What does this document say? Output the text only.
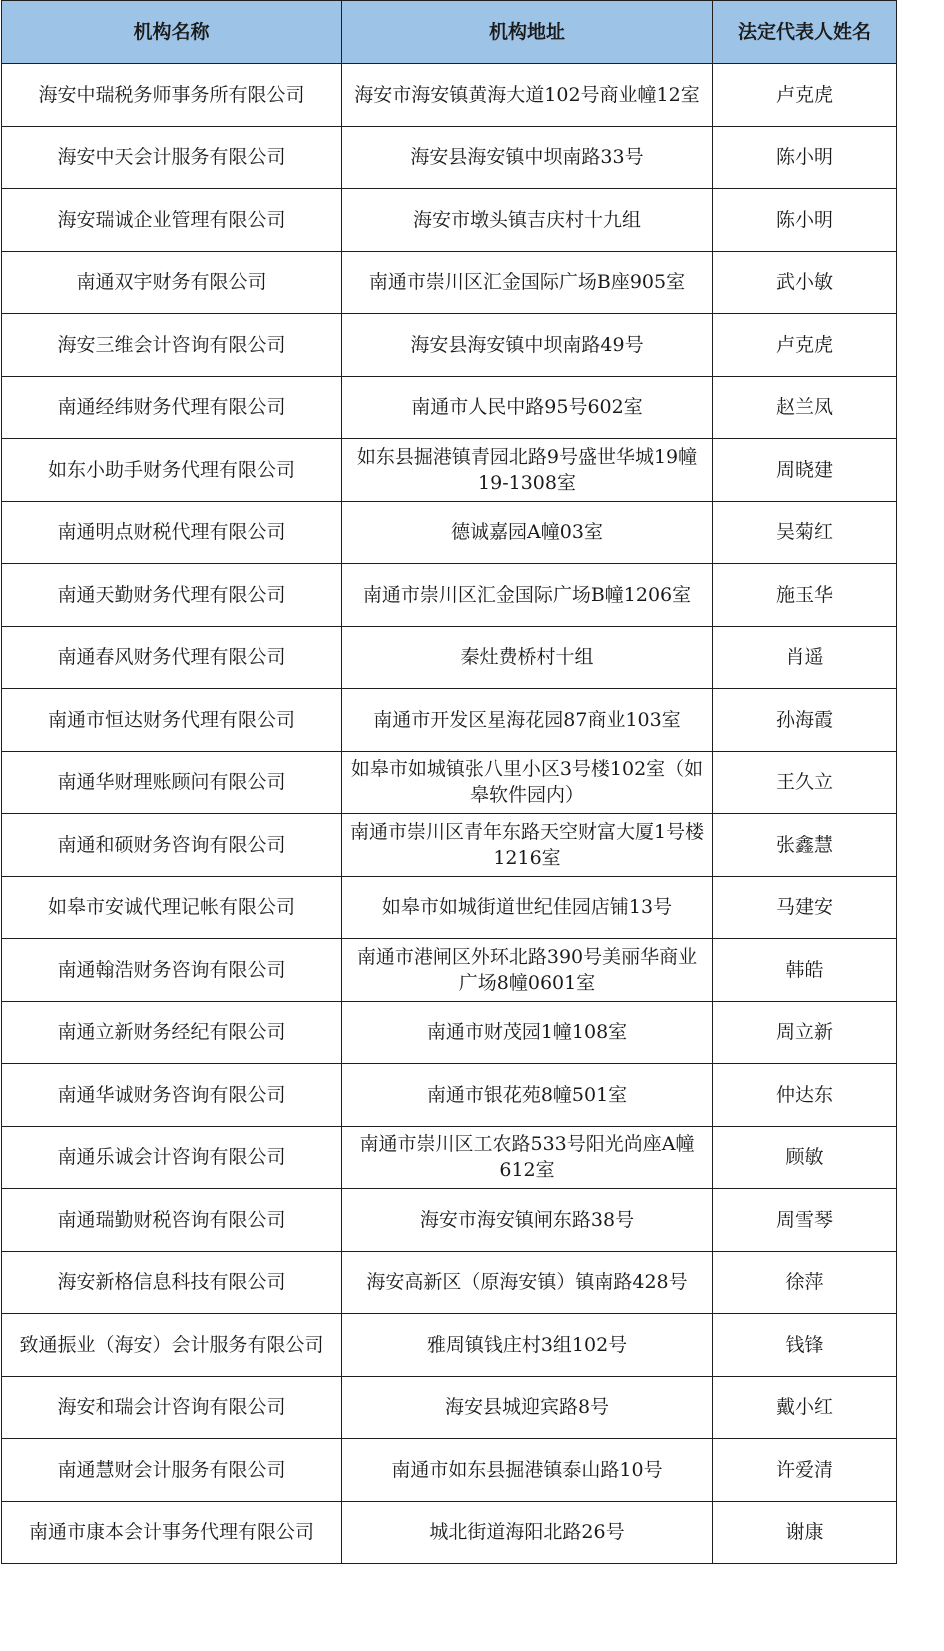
机构名称	机构地址	法定代表人姓名
海安中瑞税务师事务所有限公司	海安市海安镇黄海大道102号商业幢12室	卢克虎
海安中天会计服务有限公司	海安县海安镇中坝南路33号	陈小明
海安瑞诚企业管理有限公司	海安市墩头镇吉庆村十九组	陈小明
南通双宇财务有限公司	南通市崇川区汇金国际广场B座905室	武小敏
海安三维会计咨询有限公司	海安县海安镇中坝南路49号	卢克虎
南通经纬财务代理有限公司	南通市人民中路95号602室	赵兰凤
如东小助手财务代理有限公司	如东县掘港镇青园北路9号盛世华城19幢19-1308室	周晓建
南通明点财税代理有限公司	德诚嘉园A幢03室	吴菊红
南通天勤财务代理有限公司	南通市崇川区汇金国际广场B幢1206室	施玉华
南通春风财务代理有限公司	秦灶费桥村十组	肖遥
南通市恒达财务代理有限公司	南通市开发区星海花园87商业103室	孙海霞
南通华财理账顾问有限公司	如皋市如城镇张八里小区3号楼102室（如皋软件园内）	王久立
南通和硕财务咨询有限公司	南通市崇川区青年东路天空财富大厦1号楼1216室	张鑫慧
如皋市安诚代理记帐有限公司	如皋市如城街道世纪佳园店铺13号	马建安
南通翰浩财务咨询有限公司	南通市港闸区外环北路390号美丽华商业广场8幢0601室	韩皓
南通立新财务经纪有限公司	南通市财茂园1幢108室	周立新
南通华诚财务咨询有限公司	南通市银花苑8幢501室	仲达东
南通乐诚会计咨询有限公司	南通市崇川区工农路533号阳光尚座A幢612室	顾敏
南通瑞勤财税咨询有限公司	海安市海安镇闸东路38号	周雪琴
海安新格信息科技有限公司	海安高新区（原海安镇）镇南路428号	徐萍
致通振业（海安）会计服务有限公司	雅周镇钱庄村3组102号	钱锋
海安和瑞会计咨询有限公司	海安县城迎宾路8号	戴小红
南通慧财会计服务有限公司	南通市如东县掘港镇泰山路10号	许爱清
南通市康本会计事务代理有限公司	城北街道海阳北路26号	谢康
